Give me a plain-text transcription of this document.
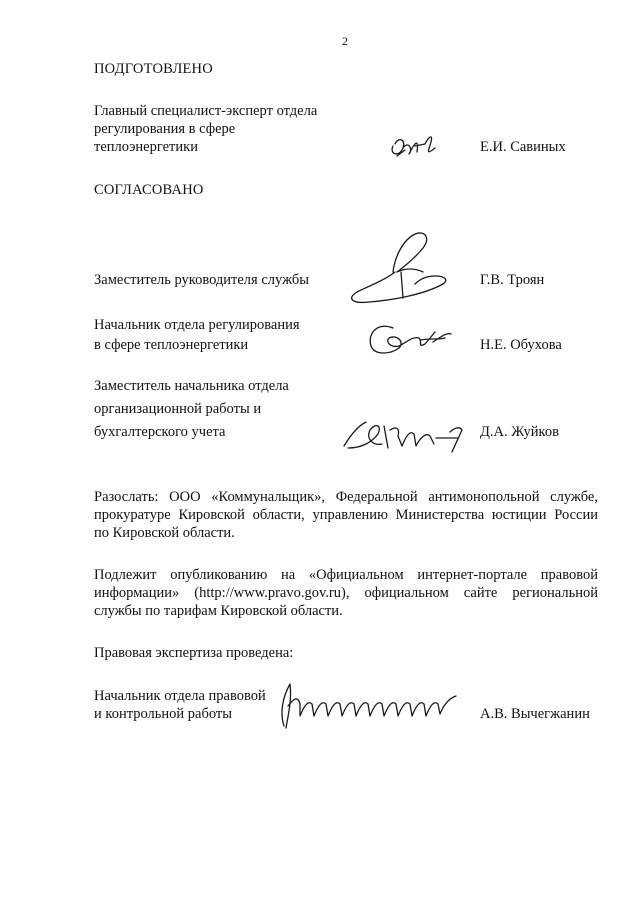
2
ПОДГОТОВЛЕНО
Главный специалист-эксперт отдела
регулирования в сфере
теплоэнергетики	Е.И. Савиных
СОГЛАСОВАНО
Заместитель руководителя службы	Г.В. Троян
Начальник отдела регулирования
в сфере теплоэнергетики	Н.Е. Обухова
Заместитель начальника отдела
организационной работы и
бухгалтерского учета	Д.А. Жуйков
Разослать: ООО «Коммунальщик», Федеральной антимонопольной службе,
прокуратуре Кировской области, управлению Министерства юстиции России
по Кировской области.
Подлежит опубликованию на «Официальном интернет-портале правовой
информации» (http://www.pravo.gov.ru), официальном сайте региональной
службы по тарифам Кировской области.
Правовая экспертиза проведена:
Начальник отдела правовой
и контрольной работы	А.В. Вычегжанин
